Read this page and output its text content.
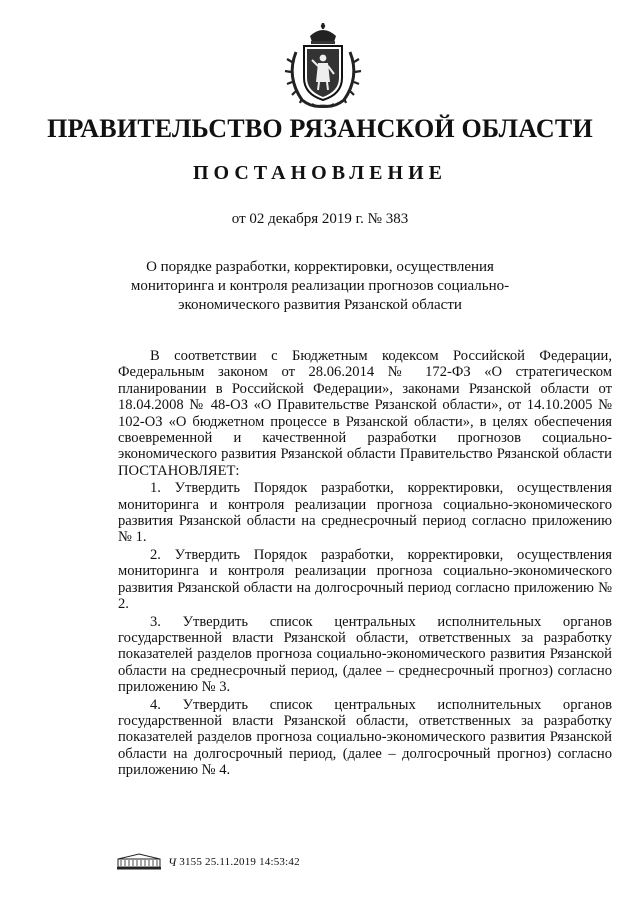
ПРАВИТЕЛЬСТВО РЯЗАНСКОЙ ОБЛАСТИ
ПОСТАНОВЛЕНИЕ
от 02 декабря 2019 г. № 383
О порядке разработки, корректировки, осуществления мониторинга и контроля реализации прогнозов социально-экономического развития Рязанской области

В соответствии с Бюджетным кодексом Российской Федерации, Федеральным законом от 28.06.2014 № 172-ФЗ «О стратегическом планировании в Российской Федерации», законами Рязанской области от 18.04.2008 № 48-ОЗ «О Правительстве Рязанской области», от 14.10.2005 № 102-ОЗ «О бюджетном процессе в Рязанской области», в целях обеспечения своевременной и качественной разработки прогнозов социально-экономического развития Рязанской области Правительство Рязанской области ПОСТАНОВЛЯЕТ:

1. Утвердить Порядок разработки, корректировки, осуществления мониторинга и контроля реализации прогноза социально-экономического развития Рязанской области на среднесрочный период согласно приложению № 1.

2. Утвердить Порядок разработки, корректировки, осуществления мониторинга и контроля реализации прогноза социально-экономического развития Рязанской области на долгосрочный период согласно приложению № 2.

3. Утвердить список центральных исполнительных органов государственной власти Рязанской области, ответственных за разработку показателей разделов прогноза социально-экономического развития Рязанской области на среднесрочный период, (далее – среднесрочный прогноз) согласно приложению № 3.

4. Утвердить список центральных исполнительных органов государственной власти Рязанской области, ответственных за разработку показателей разделов прогноза социально-экономического развития Рязанской области на долгосрочный период, (далее – долгосрочный прогноз) согласно приложению № 4.

Ч 3155 25.11.2019 14:53:42
